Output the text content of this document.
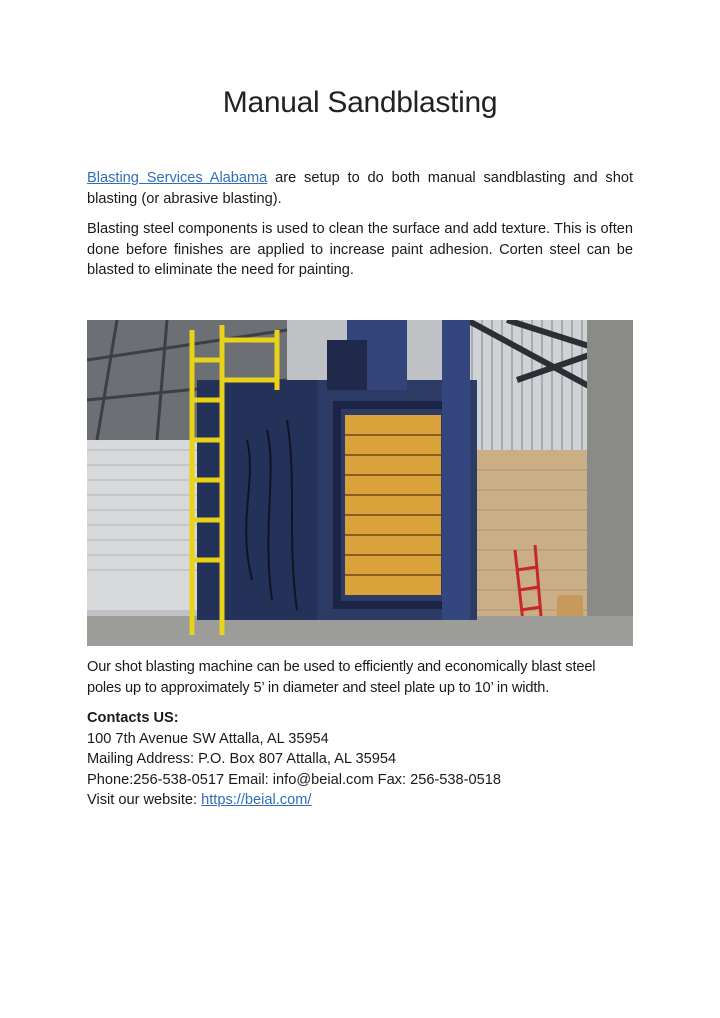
Manual Sandblasting

Blasting Services Alabama are setup to do both manual sandblasting and shot blasting (or abrasive blasting).

Blasting steel components is used to clean the surface and add texture. This is often done before finishes are applied to increase paint adhesion. Corten steel can be blasted to eliminate the need for painting.

Our shot blasting machine can be used to efficiently and economically blast steel poles up to approximately 5’ in diameter and steel plate up to 10’ in width.

Contacts US:
100 7th Avenue SW Attalla, AL 35954
Mailing Address: P.O. Box 807 Attalla, AL 35954
Phone:256-538-0517 Email: info@beial.com Fax: 256-538-0518
Visit our website: https://beial.com/
